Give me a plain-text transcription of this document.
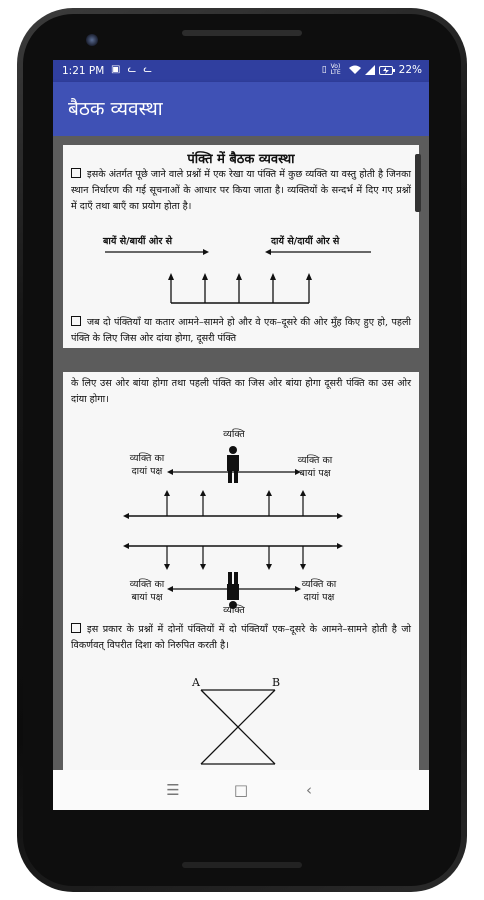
1:21 PM ▣ ᓚ ᓚ	▯ Vo) LTE	22%
बैठक व्यवस्था
पंक्ति में बैठक व्यवस्था
इसके अंतर्गत पूछे जाने वाले प्रश्नों में एक रेखा या पंक्ति में कुछ व्यक्ति या वस्तु होती है जिनका स्थान निर्धारण की गई सूचनाओं के आधार पर किया जाता है। व्यक्तियों के सन्दर्भ में दिए गए प्रश्नों में दाएँ तथा बाएँ का प्रयोग होता है।
बायें से/बायीं ओर से	दायें से/दायीं ओर से
जब दो पंक्तियाँ या कतार आमने–सामने हो और वे एक–दूसरे की ओर मुँह किए हुए हो, पहली पंक्ति के लिए जिस ओर दांया होगा, दूसरी पंक्ति
के लिए उस ओर बांया होगा तथा पहली पंक्ति का जिस ओर बांया होगा दूसरी पंक्ति का उस ओर दांया होगा।
व्यक्ति
व्यक्ति का
दायां पक्ष
व्यक्ति का
बायां पक्ष
व्यक्ति का
बायां पक्ष
व्यक्ति का
दायां पक्ष
व्यक्ति
इस प्रकार के प्रश्नों में दोनों पंक्तियों में दो पंक्तियाँ एक–दूसरे के आमने–सामने होती है जो विकर्णवत् विपरीत दिशा को निरुपित करती है।
A	B
☰	□	‹
